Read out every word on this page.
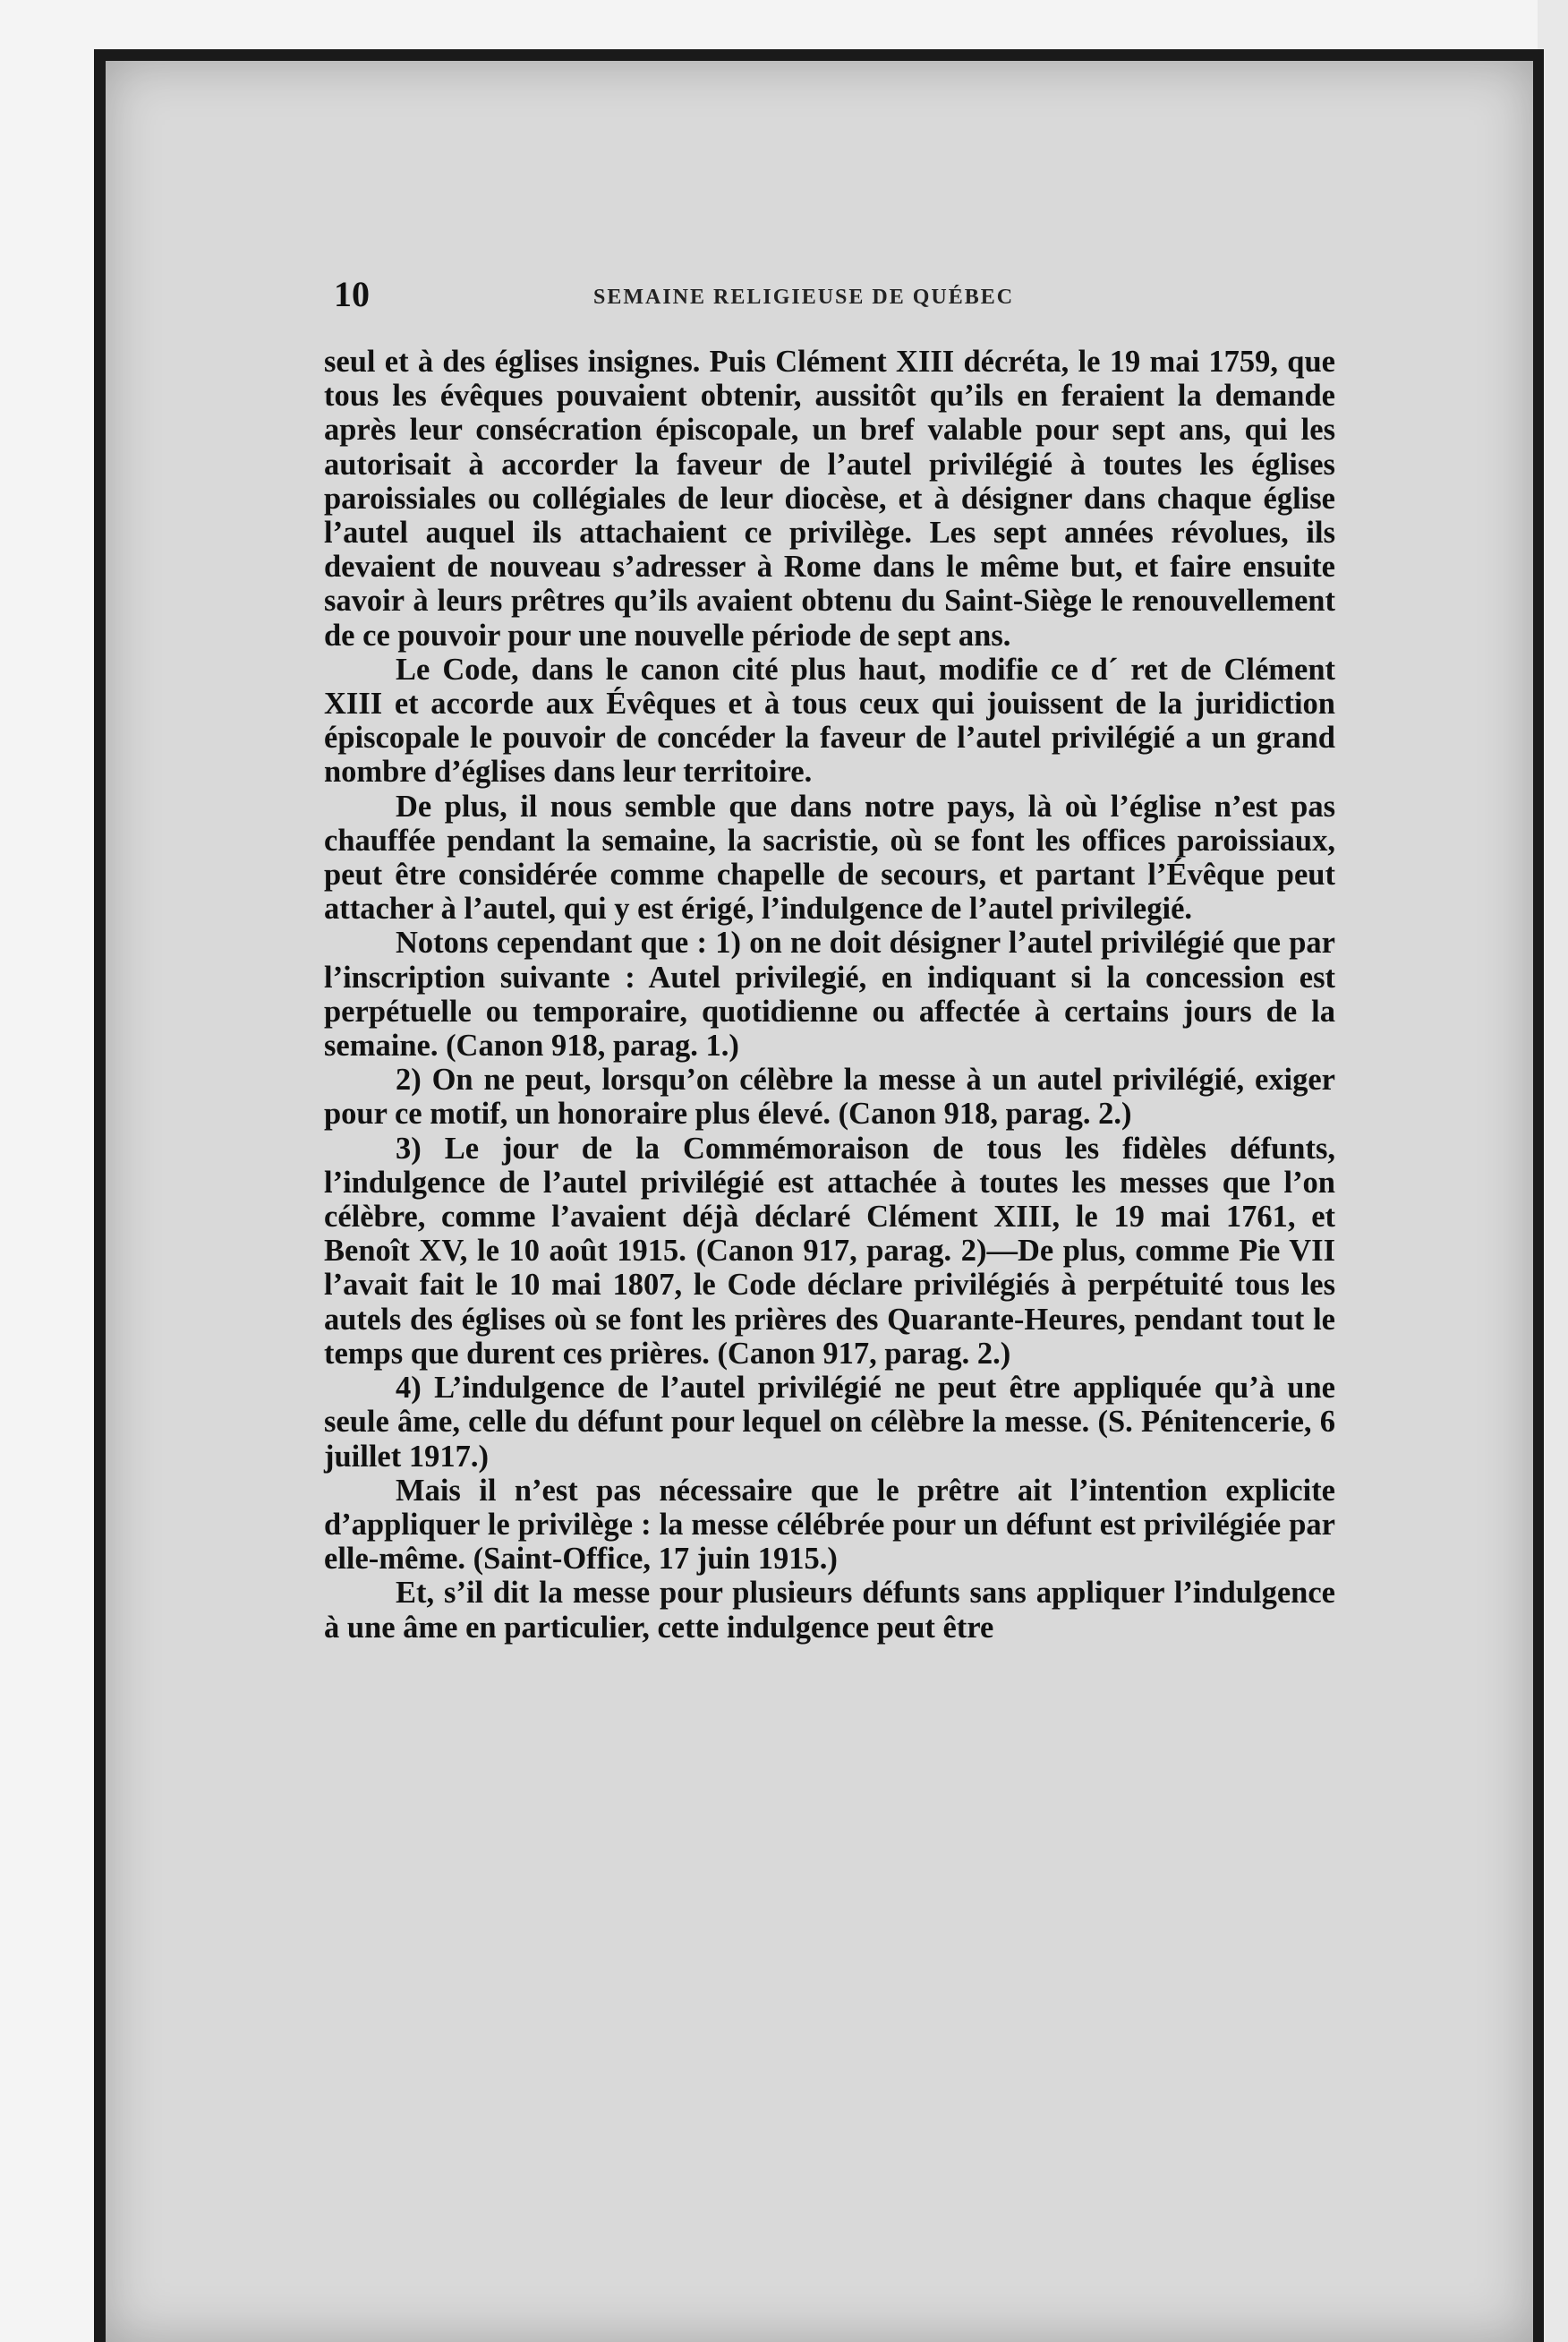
10	SEMAINE RELIGIEUSE DE QUÉBEC

seul et à des églises insignes. Puis Clément XIII décréta, le 19 mai 1759, que tous les évêques pouvaient obtenir, aussitôt qu’ils en feraient la demande après leur consécration épiscopale, un bref valable pour sept ans, qui les autorisait à accorder la faveur de l’autel privilégié à toutes les églises paroissiales ou collégiales de leur diocèse, et à désigner dans chaque église l’autel auquel ils attachaient ce privilège. Les sept années révolues, ils devaient de nouveau s’adresser à Rome dans le même but, et faire ensuite savoir à leurs prêtres qu’ils avaient obtenu du Saint-Siège le renouvellement de ce pouvoir pour une nouvelle période de sept ans.

Le Code, dans le canon cité plus haut, modifie ce d´ ret de Clément XIII et accorde aux Évêques et à tous ceux qui jouissent de la juridiction épiscopale le pouvoir de concéder la faveur de l’autel privilégié a un grand nombre d’églises dans leur territoire.

De plus, il nous semble que dans notre pays, là où l’église n’est pas chauffée pendant la semaine, la sacristie, où se font les offices paroissiaux, peut être considérée comme chapelle de secours, et partant l’Évêque peut attacher à l’autel, qui y est érigé, l’indulgence de l’autel privilegié.

Notons cependant que : 1) on ne doit désigner l’autel privilégié que par l’inscription suivante : Autel privilegié, en indiquant si la concession est perpétuelle ou temporaire, quotidienne ou affectée à certains jours de la semaine. (Canon 918, parag. 1.)

2) On ne peut, lorsqu’on célèbre la messe à un autel privilégié, exiger pour ce motif, un honoraire plus élevé. (Canon 918, parag. 2.)

3) Le jour de la Commémoraison de tous les fidèles défunts, l’indulgence de l’autel privilégié est attachée à toutes les messes que l’on célèbre, comme l’avaient déjà déclaré Clément XIII, le 19 mai 1761, et Benoît XV, le 10 août 1915. (Canon 917, parag. 2)—De plus, comme Pie VII l’avait fait le 10 mai 1807, le Code déclare privilégiés à perpétuité tous les autels des églises où se font les prières des Quarante-Heures, pendant tout le temps que durent ces prières. (Canon 917, parag. 2.)

4) L’indulgence de l’autel privilégié ne peut être appliquée qu’à une seule âme, celle du défunt pour lequel on célèbre la messe. (S. Pénitencerie, 6 juillet 1917.)

Mais il n’est pas nécessaire que le prêtre ait l’intention explicite d’appliquer le privilège : la messe célébrée pour un défunt est privilégiée par elle-même. (Saint-Office, 17 juin 1915.)

Et, s’il dit la messe pour plusieurs défunts sans appliquer l’indulgence à une âme en particulier, cette indulgence peut être
